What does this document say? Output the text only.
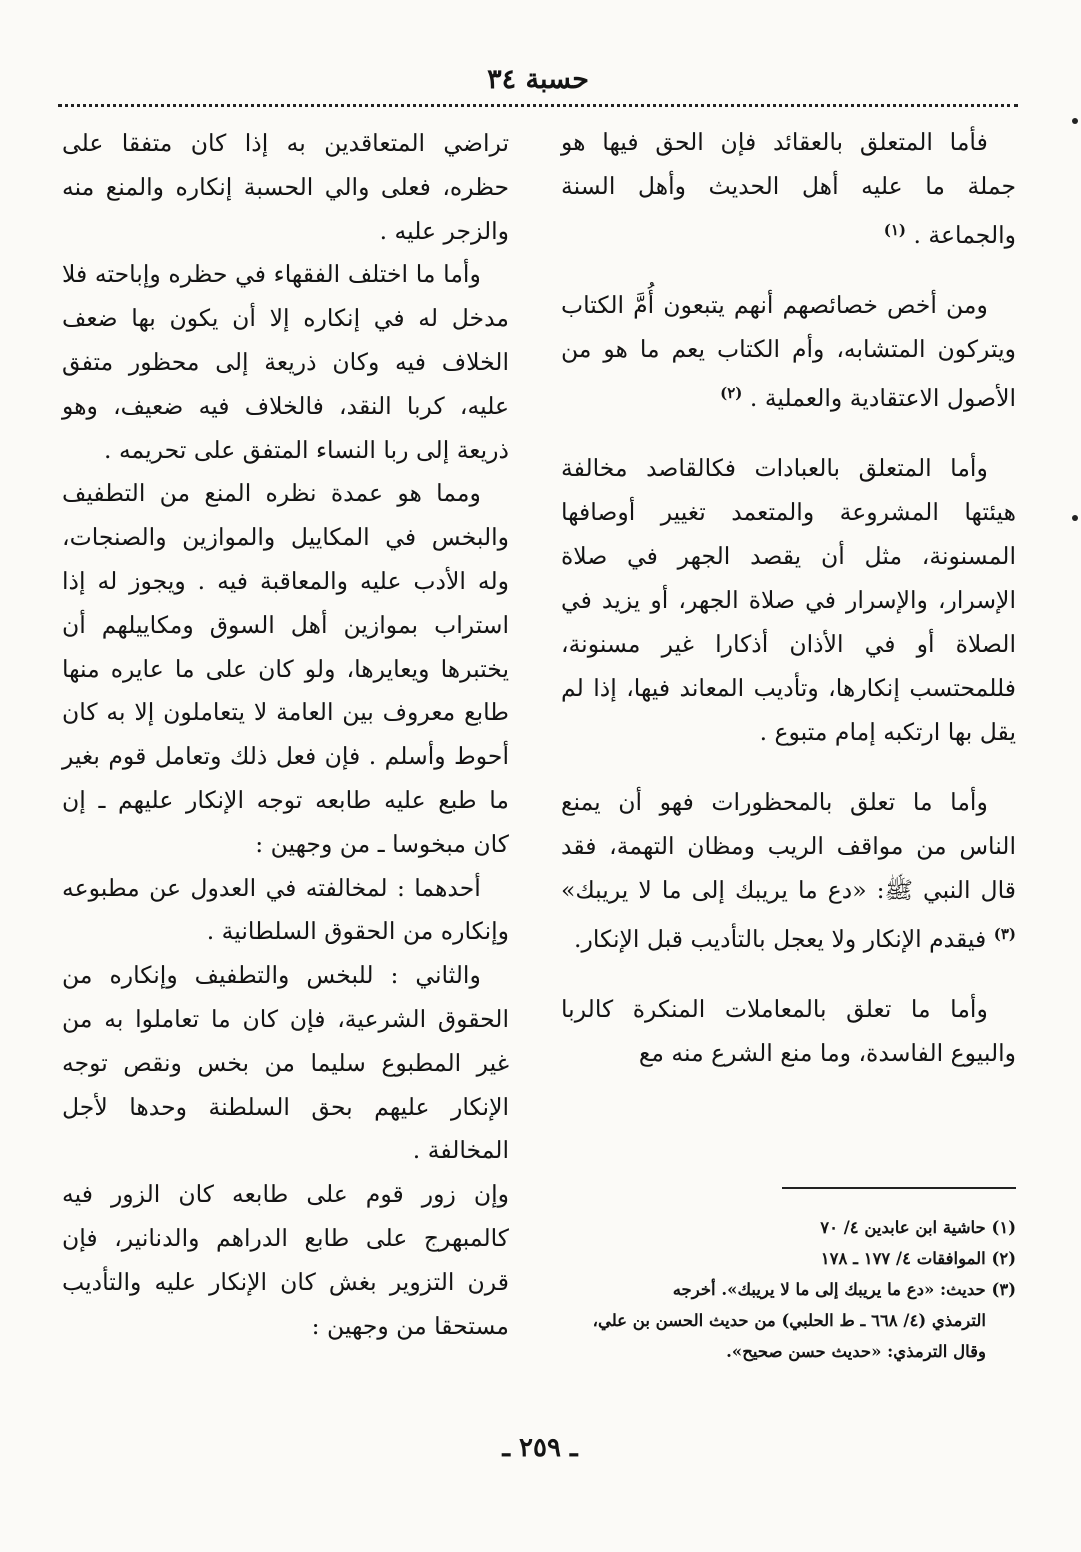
حسبة ٣٤

فأما المتعلق بالعقائد فإن الحق فيها هو جملة ما عليه أهل الحديث وأهل السنة والجماعة . $^{(١)}$

ومن أخص خصائصهم أنهم يتبعون أُمَّ الكتاب ويتركون المتشابه، وأم الكتاب يعم ما هو من الأصول الاعتقادية والعملية . $^{(٢)}$

وأما المتعلق بالعبادات فكالقاصد مخالفة هيئتها المشروعة والمتعمد تغيير أوصافها المسنونة، مثل أن يقصد الجهر في صلاة الإسرار، والإسرار في صلاة الجهر، أو يزيد في الصلاة أو في الأذان أذكارا غير مسنونة، فللمحتسب إنكارها، وتأديب المعاند فيها، إذا لم يقل بها ارتكبه إمام متبوع .

وأما ما تعلق بالمحظورات فهو أن يمنع الناس من مواقف الريب ومظان التهمة، فقد قال النبي ﷺ: «دع ما يريبك إلى ما لا يريبك» $^{(٣)}$ فيقدم الإنكار ولا يعجل بالتأديب قبل الإنكار.

وأما ما تعلق بالمعاملات المنكرة كالربا والبيوع الفاسدة، وما منع الشرع منه مع

تراضي المتعاقدين به إذا كان متفقا على حظره، فعلى والي الحسبة إنكاره والمنع منه والزجر عليه .

وأما ما اختلف الفقهاء في حظره وإباحته فلا مدخل له في إنكاره إلا أن يكون بها ضعف الخلاف فيه وكان ذريعة إلى محظور متفق عليه، كربا النقد، فالخلاف فيه ضعيف، وهو ذريعة إلى ربا النساء المتفق على تحريمه .

ومما هو عمدة نظره المنع من التطفيف والبخس في المكاييل والموازين والصنجات، وله الأدب عليه والمعاقبة فيه . ويجوز له إذا استراب بموازين أهل السوق ومكاييلهم أن يختبرها ويعايرها، ولو كان على ما عايره منها طابع معروف بين العامة لا يتعاملون إلا به كان أحوط وأسلم . فإن فعل ذلك وتعامل قوم بغير ما طبع عليه طابعه توجه الإنكار عليهم ـ إن كان مبخوسا ـ من وجهين :

أحدهما : لمخالفته في العدول عن مطبوعه وإنكاره من الحقوق السلطانية .

والثاني : للبخس والتطفيف وإنكاره من الحقوق الشرعية، فإن كان ما تعاملوا به من غير المطبوع سليما من بخس ونقص توجه الإنكار عليهم بحق السلطنة وحدها لأجل المخالفة .

وإن زور قوم على طابعه كان الزور فيه كالمبهرج على طابع الدراهم والدنانير، فإن قرن التزوير بغش كان الإنكار عليه والتأديب مستحقا من وجهين :

(١) حاشية ابن عابدين ٤/ ٧٠
(٢) الموافقات ٤/ ١٧٧ ـ ١٧٨
(٣) حديث: «دع ما يريبك إلى ما لا يريبك». أخرجه
الترمذي (٤/ ٦٦٨ ـ ط الحلبي) من حديث الحسن بن علي، وقال الترمذي: «حديث حسن صحيح».
ـ ٢٥٩ ـ
